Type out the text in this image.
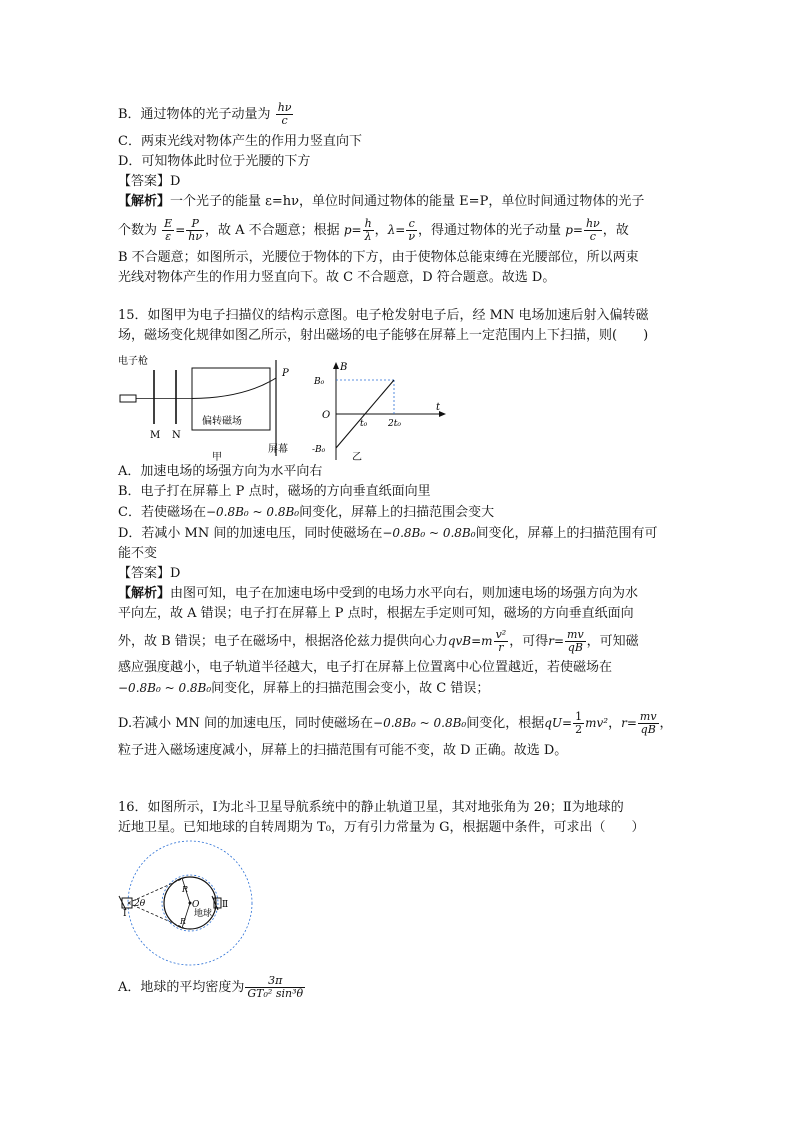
B．通过物体的光子动量为 $\frac{h\nu}{c}$
C．两束光线对物体产生的作用力竖直向下
D．可知物体此时位于光腰的下方
【答案】D
【解析】一个光子的能量 ε=hν，单位时间通过物体的能量 E=P，单位时间通过物体的光子
个数为 $\frac{E}{\varepsilon} = \frac{P}{h\nu}$ ，故 A 不合题意；根据 $p= \frac{h}{\lambda}$ ，$\lambda= \frac{c}{\nu}$ ，得通过物体的光子动量 $p= \frac{h\nu}{c}$ ，故
B 不合题意；如图所示，光腰位于物体的下方，由于使物体总能束缚在光腰部位，所以两束
光线对物体产生的作用力竖直向下。故 C 不合题意，D 符合题意。故选 D。
15．如图甲为电子扫描仪的结构示意图。电子枪发射电子后，经 MN 电场加速后射入偏转磁
场，磁场变化规律如图乙所示，射出磁场的电子能够在屏幕上一定范围内上下扫描，则(　　)
电子枪
M N
偏转磁场
P
屏幕
甲
B
t
O
B₀
-B₀
t₀ 2t₀
乙
A．加速电场的场强方向为水平向右
B．电子打在屏幕上 P 点时，磁场的方向垂直纸面向里
C．若使磁场在−0.8B₀ ~ 0.8B₀间变化，屏幕上的扫描范围会变大
D．若减小 MN 间的加速电压，同时使磁场在−0.8B₀ ~ 0.8B₀间变化，屏幕上的扫描范围有可
能不变
【答案】D
【解析】由图可知，电子在加速电场中受到的电场力水平向右，则加速电场的场强方向为水
平向左，故 A 错误；电子打在屏幕上 P 点时，根据左手定则可知，磁场的方向垂直纸面向
外，故 B 错误；电子在磁场中，根据洛伦兹力提供向心力$qvB=m \frac{\text{v²}}{r}$ ，可得$r= \frac{mv}{qB}$ ，可知磁
感应强度越小，电子轨道半径越大，电子打在屏幕上位置离中心位置越近，若使磁场在
−0.8B₀ ~ 0.8B₀间变化，屏幕上的扫描范围会变小，故 C 错误；
D.若减小 MN 间的加速电压，同时使磁场在−0.8B₀ ~ 0.8B₀间变化，根据$qU= \frac{1}{2} mv^2$，$r= \frac{mv}{qB}$ ，
粒子进入磁场速度减小，屏幕上的扫描范围有可能不变，故 D 正确。故选 D。
16．如图所示，Ⅰ为北斗卫星导航系统中的静止轨道卫星，其对地张角为 2θ；Ⅱ为地球的
近地卫星。已知地球的自转周期为 T₀，万有引力常量为 G，根据题中条件，可求出（　　）
Ⅰ
Ⅱ
2θ	O
R
R
地球
A．地球的平均密度为 $\frac{3\pi}{\text{GT₀² sin³θ}}$
